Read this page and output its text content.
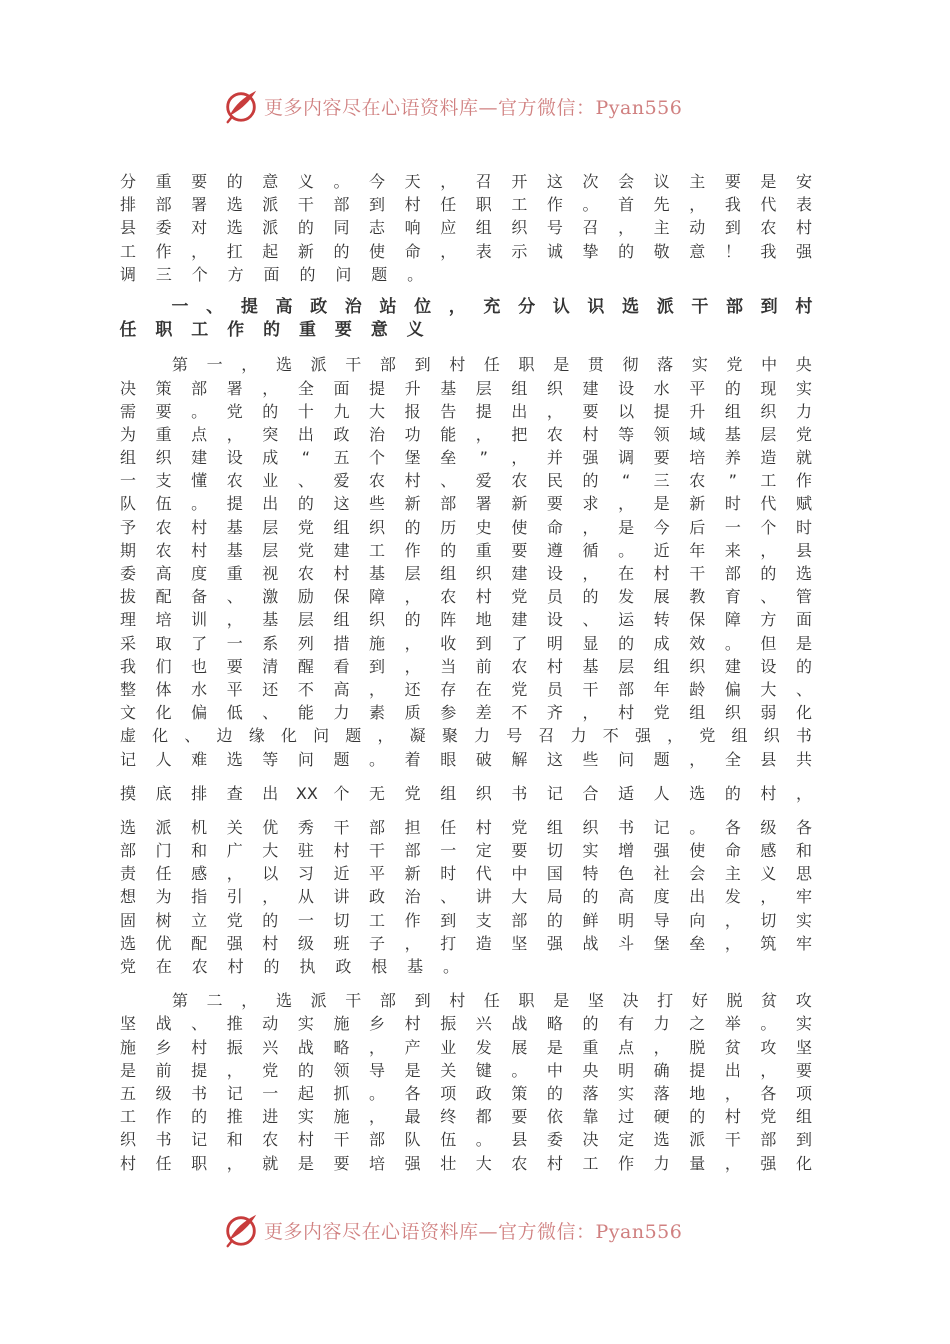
更多内容尽在心语资料库—官方微信：Pyan556
分 重 要 的 意 义 。 今 天 ， 召 开 这 次 会 议 主 要 是 安
排 部 署 选 派 干 部 到 村 任 职 工 作 。 首 先 ， 我 代 表
县 委 对 选 派 的 同 志 响 应 组 织 号 召 ， 主 动 到 农 村
工 作 ， 扛 起 新 的 使 命 ， 表 示 诚 挚 的 敬 意 ！ 我 强
调 三 个 方 面 的 问 题 。
一 、 提 高 政 治 站 位 ， 充 分 认 识 选 派 干 部 到 村
任 职 工 作 的 重 要 意 义
第 一 ， 选 派 干 部 到 村 任 职 是 贯 彻 落 实 党 中 央
决 策 部 署 ， 全 面 提 升 基 层 组 织 建 设 水 平 的 现 实
需 要 。 党 的 十 九 大 报 告 提 出 ， 要 以 提 升 组 织 力
为 重 点 ， 突 出 政 治 功 能 ， 把 农 村 等 领 域 基 层 党
组 织 建 设 成	“	五 个 堡 垒	”	， 并 强 调 要 培 养 造 就
一 支 懂 农 业 、 爱 农 村 、 爱 农 民 的	“	三 农	”	工 作
队 伍 。 提 出 的 这 些 新 部 署 新 要 求 ， 是 新 时 代 赋
予 农 村 基 层 党 组 织 的 历 史 使 命 ， 是 今 后 一 个 时
期 农 村 基 层 党 建 工 作 的 重 要 遵 循 。 近 年 来 ， 县
委 高 度 重 视 农 村 基 层 组 织 建 设 ， 在 村 干 部 的 选
拔 配 备 、 激 励 保 障 ， 农 村 党 员 的 发 展 教 育 、 管
理 培 训 ， 基 层 组 织 的 阵 地 建 设 、 运 转 保 障 方 面
采 取 了 一 系 列 措 施 ， 收 到 了 明 显 的 成 效 。 但 是
我 们 也 要 清 醒 看 到 ， 当 前 农 村 基 层 组 织 建 设 的
整 体 水 平 还 不 高 ， 还 存 在 党 员 干 部 年 龄 偏 大 、
文 化 偏 低 、 能 力 素 质 参 差 不 齐 ， 村 党 组 织 弱 化
虚 化 、 边 缘 化 问 题 ， 凝 聚 力 号 召 力 不 强 ， 党 组 织 书
记 人 难 选 等 问 题 。 着 眼 破 解 这 些 问 题 ， 全 县 共
摸 底 排 查 出 XX 个 无 党 组 织 书 记 合 适 人 选 的 村 ，
选 派 机 关 优 秀 干 部 担 任 村 党 组 织 书 记 。 各 级 各
部 门 和 广 大 驻 村 干 部 一 定 要 切 实 增 强 使 命 感 和
责 任 感 ， 以 习 近 平 新 时 代 中 国 特 色 社 会 主 义 思
想 为 指 引 ， 从 讲 政 治 、 讲 大 局 的 高 度 出 发 ， 牢
固 树 立 党 的 一 切 工 作 到 支 部 的 鲜 明 导 向 ， 切 实
选 优 配 强 村 级 班 子 ， 打 造 坚 强 战 斗 堡 垒 ， 筑 牢
党 在 农 村 的 执 政 根 基 。
第 二 ， 选 派 干 部 到 村 任 职 是 坚 决 打 好 脱 贫 攻
坚 战 、 推 动 实 施 乡 村 振 兴 战 略 的 有 力 之 举 。 实
施 乡 村 振 兴 战 略 ， 产 业 发 展 是 重 点 ， 脱 贫 攻 坚
是 前 提 ， 党 的 领 导 是 关 键 。 中 央 明 确 提 出 ， 要
五 级 书 记 一 起 抓 。 各 项 政 策 的 落 实 落 地 ， 各 项
工 作 的 推 进 实 施 ， 最 终 都 要 依 靠 过 硬 的 村 党 组
织 书 记 和 农 村 干 部 队 伍 。 县 委 决 定 选 派 干 部 到
村 任 职 ， 就 是 要 培 强 壮 大 农 村 工 作 力 量 ， 强 化
更多内容尽在心语资料库—官方微信：Pyan556
